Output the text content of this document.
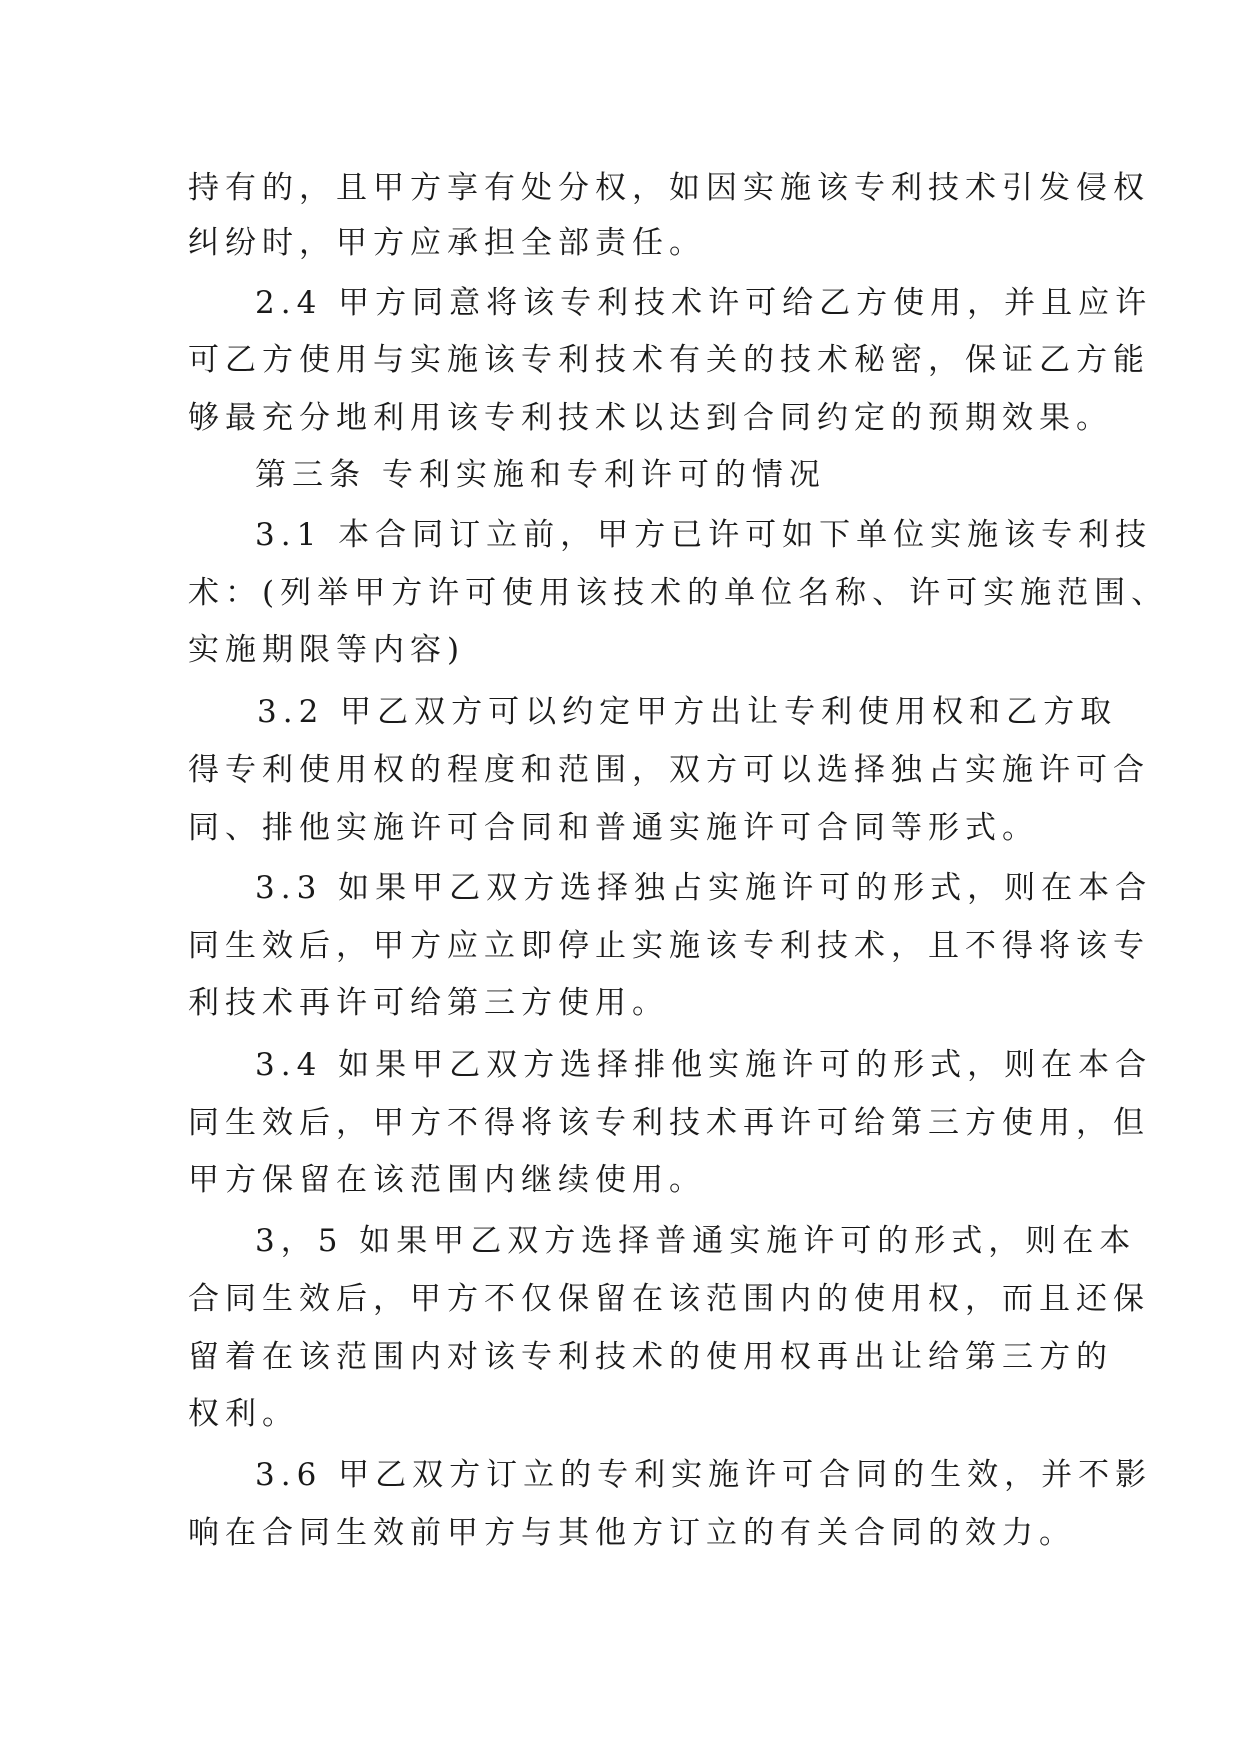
持有的，且甲方享有处分权，如因实施该专利技术引发侵权
纠纷时，甲方应承担全部责任。
2.4 甲方同意将该专利技术许可给乙方使用，并且应许
可乙方使用与实施该专利技术有关的技术秘密，保证乙方能
够最充分地利用该专利技术以达到合同约定的预期效果。
第三条 专利实施和专利许可的情况
3.1 本合同订立前，甲方已许可如下单位实施该专利技
术：(列举甲方许可使用该技术的单位名称、许可实施范围、
实施期限等内容)
3.2 甲乙双方可以约定甲方出让专利使用权和乙方取
得专利使用权的程度和范围，双方可以选择独占实施许可合
同、排他实施许可合同和普通实施许可合同等形式。
3.3 如果甲乙双方选择独占实施许可的形式，则在本合
同生效后，甲方应立即停止实施该专利技术，且不得将该专
利技术再许可给第三方使用。
3.4 如果甲乙双方选择排他实施许可的形式，则在本合
同生效后，甲方不得将该专利技术再许可给第三方使用，但
甲方保留在该范围内继续使用。
3，5 如果甲乙双方选择普通实施许可的形式，则在本
合同生效后，甲方不仅保留在该范围内的使用权，而且还保
留着在该范围内对该专利技术的使用权再出让给第三方的
权利。
3.6 甲乙双方订立的专利实施许可合同的生效，并不影
响在合同生效前甲方与其他方订立的有关合同的效力。
